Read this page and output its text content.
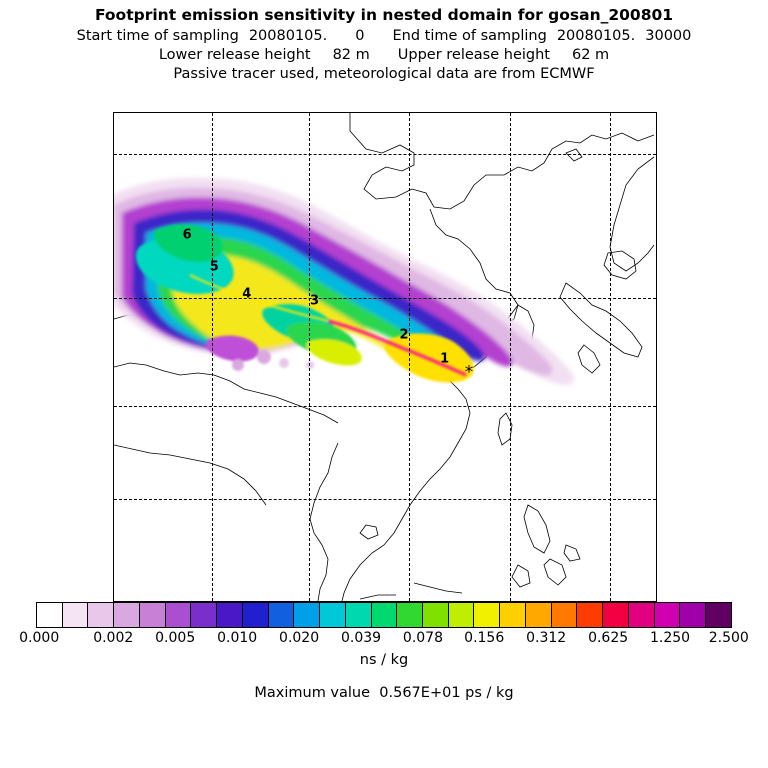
Footprint emission sensitivity in nested domain for gosan_200801
Start time of sampling 20080105. 0 End time of sampling 20080105. 30000
Lower release height 82 m Upper release height 62 m
Passive tracer used, meteorological data are from ECMWF
1
2
3
4
5
6
*
0.000 0.002 0.005 0.010 0.020 0.039 0.078 0.156 0.312 0.625 1.250 2.500
ns / kg
Maximum value 0.567E+01 ps / kg
